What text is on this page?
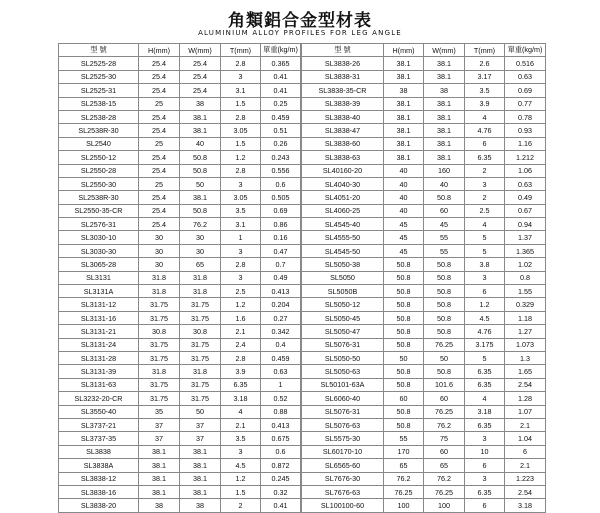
角類鋁合金型材表
ALUMINIUM ALLOY PROFILES FOR LEG ANGLE
型 號	H(mm)	W(mm)	T(mm)	單重(kg/m)
SL2525-28	25.4	25.4	2.8	0.365
SL2525-30	25.4	25.4	3	0.41
SL2525-31	25.4	25.4	3.1	0.41
SL2538-15	25	38	1.5	0.25
SL2538-28	25.4	38.1	2.8	0.459
SL2538R-30	25.4	38.1	3.05	0.51
SL2540	25	40	1.5	0.26
SL2550-12	25.4	50.8	1.2	0.243
SL2550-28	25.4	50.8	2.8	0.556
SL2550-30	25	50	3	0.6
SL2538R-30	25.4	38.1	3.05	0.505
SL2550-35-CR	25.4	50.8	3.5	0.69
SL2576-31	25.4	76.2	3.1	0.86
SL3030-10	30	30	1	0.16
SL3030-30	30	30	3	0.47
SL3065-28	30	65	2.8	0.7
SL3131	31.8	31.8	3	0.49
SL3131A	31.8	31.8	2.5	0.413
SL3131-12	31.75	31.75	1.2	0.204
SL3131-16	31.75	31.75	1.6	0.27
SL3131-21	30.8	30.8	2.1	0.342
SL3131-24	31.75	31.75	2.4	0.4
SL3131-28	31.75	31.75	2.8	0.459
SL3131-39	31.8	31.8	3.9	0.63
SL3131-63	31.75	31.75	6.35	1
SL3232-20-CR	31.75	31.75	3.18	0.52
SL3550-40	35	50	4	0.88
SL3737-21	37	37	2.1	0.413
SL3737-35	37	37	3.5	0.675
SL3838	38.1	38.1	3	0.6
SL3838A	38.1	38.1	4.5	0.872
SL3838-12	38.1	38.1	1.2	0.245
SL3838-16	38.1	38.1	1.5	0.32
SL3838-20	38	38	2	0.41
型 號	H(mm)	W(mm)	T(mm)	單重(kg/m)
SL3838-26	38.1	38.1	2.6	0.516
SL3838-31	38.1	38.1	3.17	0.63
SL3838-35-CR	38	38	3.5	0.69
SL3838-39	38.1	38.1	3.9	0.77
SL3838-40	38.1	38.1	4	0.78
SL3838-47	38.1	38.1	4.76	0.93
SL3838-60	38.1	38.1	6	1.16
SL3838-63	38.1	38.1	6.35	1.212
SL40160-20	40	160	2	1.06
SL4040-30	40	40	3	0.63
SL4051-20	40	50.8	2	0.49
SL4060-25	40	60	2.5	0.67
SL4545-40	45	45	4	0.94
SL4555-50	45	55	5	1.37
SL4545-50	45	55	5	1.365
SL5050-38	50.8	50.8	3.8	1.02
SL5050	50.8	50.8	3	0.8
SL5050B	50.8	50.8	6	1.55
SL5050-12	50.8	50.8	1.2	0.329
SL5050-45	50.8	50.8	4.5	1.18
SL5050-47	50.8	50.8	4.76	1.27
SL5076-31	50.8	76.25	3.175	1.073
SL5050-50	50	50	5	1.3
SL5050-63	50.8	50.8	6.35	1.65
SL50101-63A	50.8	101.6	6.35	2.54
SL6060-40	60	60	4	1.28
SL5076-31	50.8	76.25	3.18	1.07
SL5076-63	50.8	76.2	6.35	2.1
SL5575-30	55	75	3	1.04
SL60170-10	170	60	10	6
SL6565-60	65	65	6	2.1
SL7676-30	76.2	76.2	3	1.223
SL7676-63	76.25	76.25	6.35	2.54
SL100100-60	100	100	6	3.18
